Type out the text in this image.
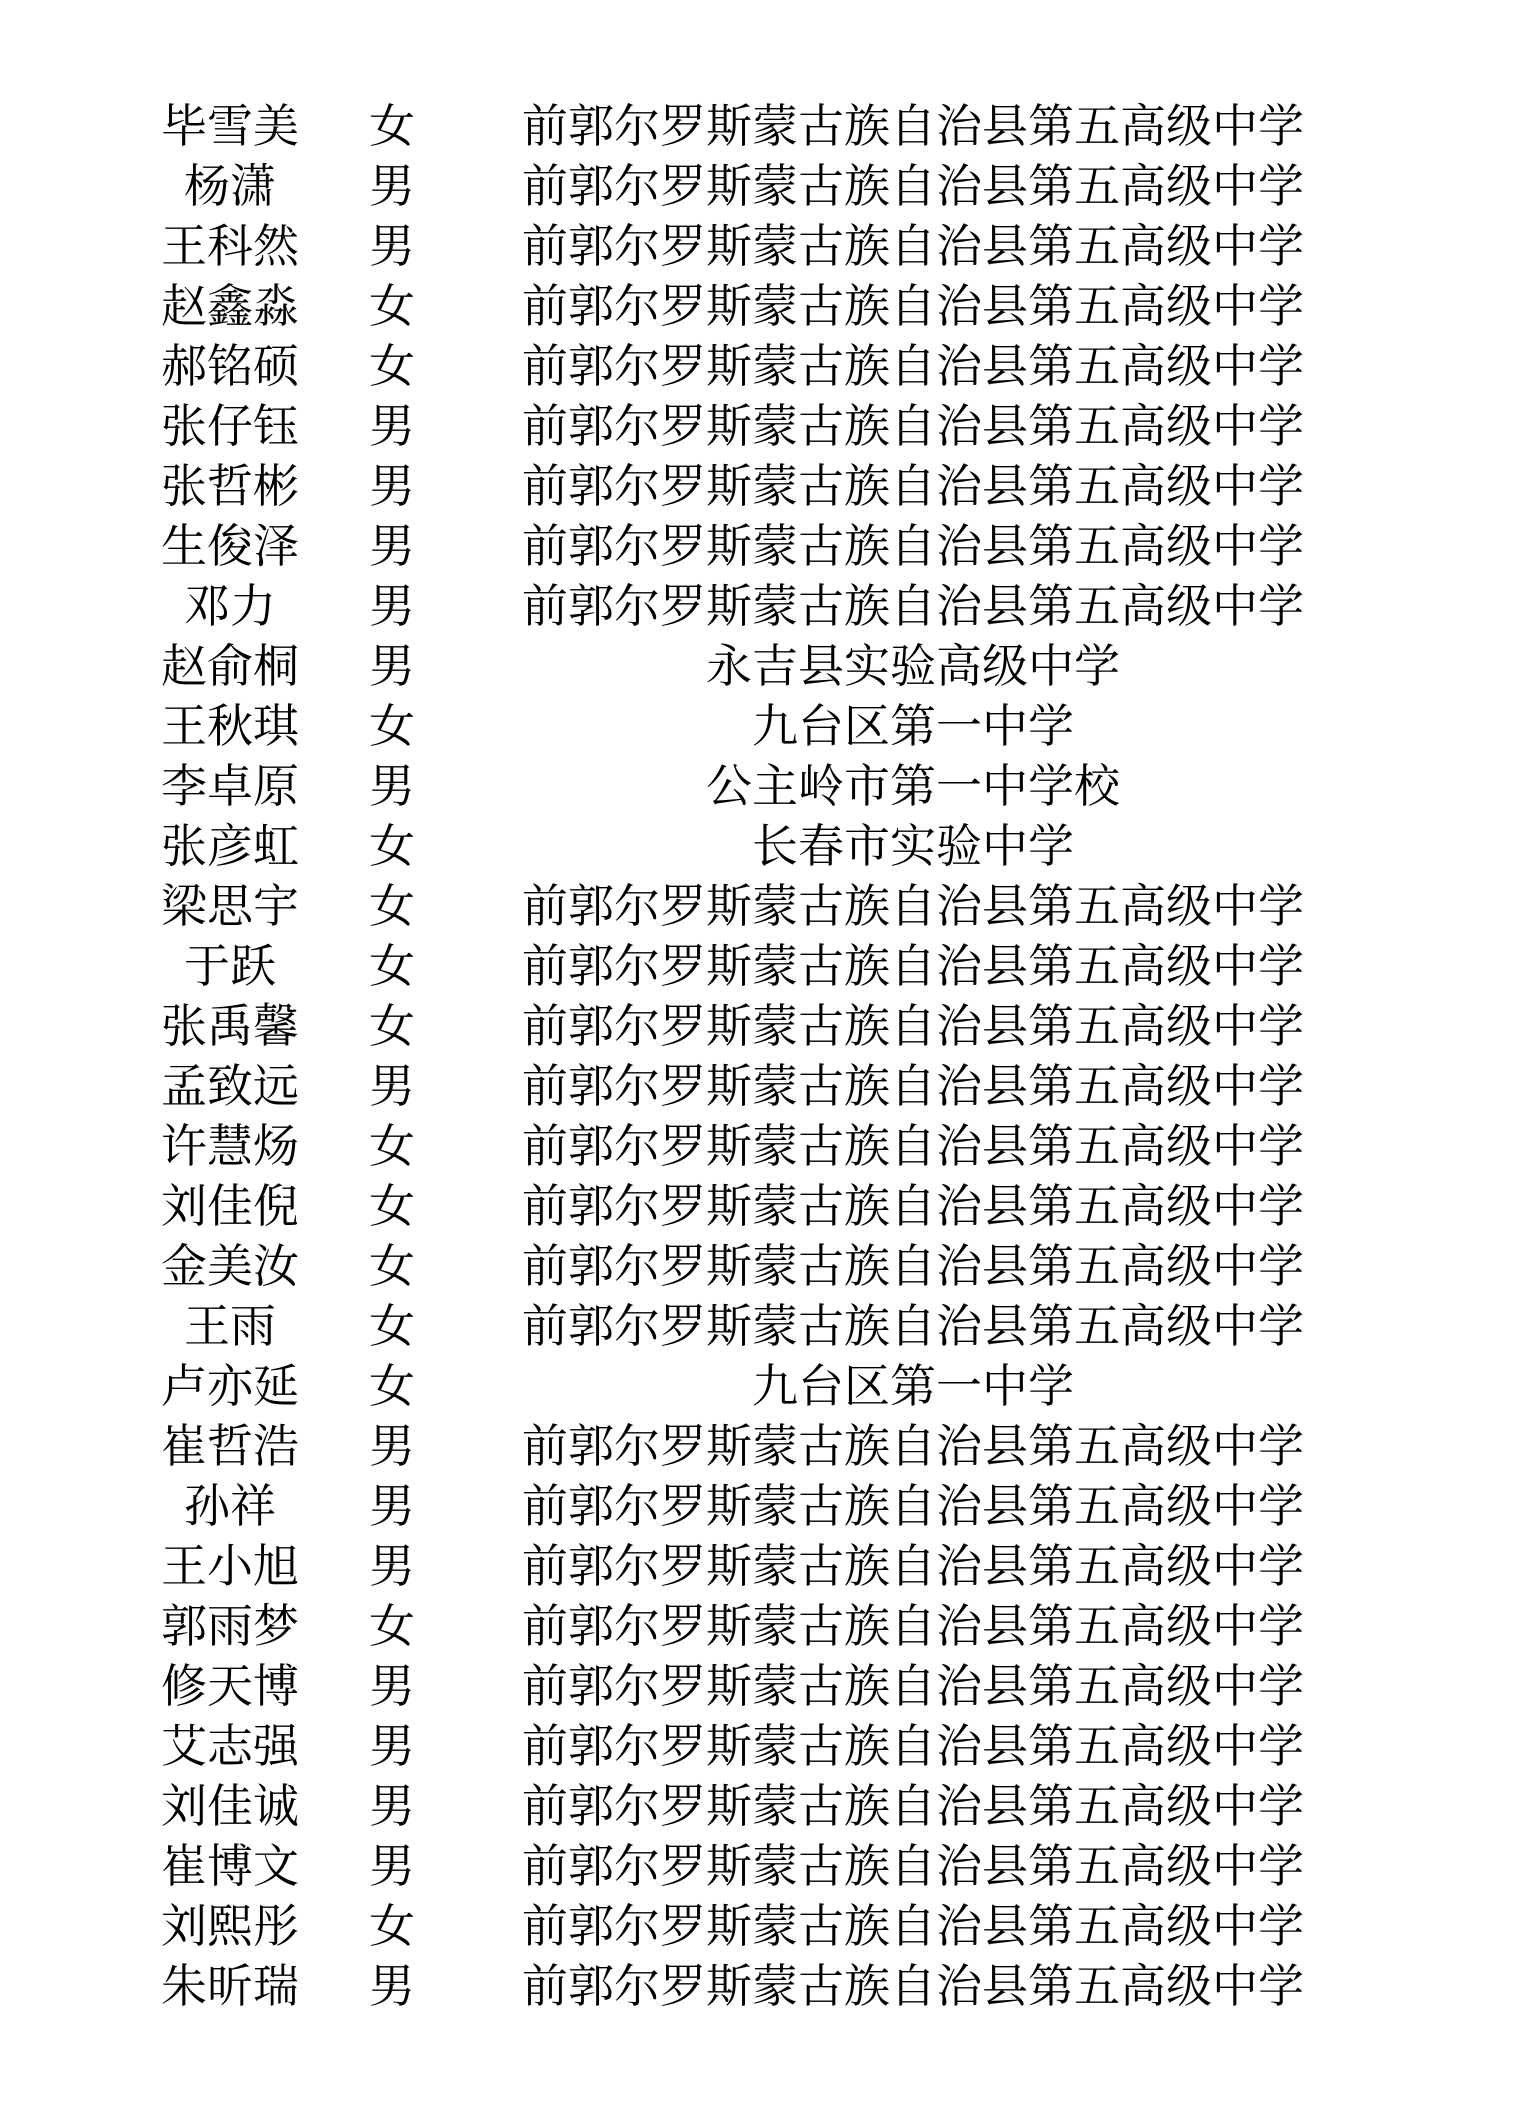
毕雪美 女	前郭尔罗斯蒙古族自治县第五高级中学
杨潇	男	前郭尔罗斯蒙古族自治县第五高级中学
王科然 男	前郭尔罗斯蒙古族自治县第五高级中学
赵鑫淼 女	前郭尔罗斯蒙古族自治县第五高级中学
郝铭硕 女	前郭尔罗斯蒙古族自治县第五高级中学
张仔钰 男	前郭尔罗斯蒙古族自治县第五高级中学
张哲彬 男	前郭尔罗斯蒙古族自治县第五高级中学
生俊泽 男	前郭尔罗斯蒙古族自治县第五高级中学
邓力	男	前郭尔罗斯蒙古族自治县第五高级中学
赵俞桐 男	永吉县实验高级中学
王秋琪 女	九台区第一中学
李卓原 男	公主岭市第一中学校
张彦虹 女	长春市实验中学
梁思宇 女	前郭尔罗斯蒙古族自治县第五高级中学
于跃	女	前郭尔罗斯蒙古族自治县第五高级中学
张禹馨 女	前郭尔罗斯蒙古族自治县第五高级中学
孟致远 男	前郭尔罗斯蒙古族自治县第五高级中学
许慧炀 女	前郭尔罗斯蒙古族自治县第五高级中学
刘佳倪 女	前郭尔罗斯蒙古族自治县第五高级中学
金美汝 女	前郭尔罗斯蒙古族自治县第五高级中学
王雨	女	前郭尔罗斯蒙古族自治县第五高级中学
卢亦延 女	九台区第一中学
崔哲浩 男	前郭尔罗斯蒙古族自治县第五高级中学
孙祥	男	前郭尔罗斯蒙古族自治县第五高级中学
王小旭 男	前郭尔罗斯蒙古族自治县第五高级中学
郭雨梦 女	前郭尔罗斯蒙古族自治县第五高级中学
修天博 男	前郭尔罗斯蒙古族自治县第五高级中学
艾志强 男	前郭尔罗斯蒙古族自治县第五高级中学
刘佳诚 男	前郭尔罗斯蒙古族自治县第五高级中学
崔博文 男	前郭尔罗斯蒙古族自治县第五高级中学
刘熙彤 女	前郭尔罗斯蒙古族自治县第五高级中学
朱昕瑞 男	前郭尔罗斯蒙古族自治县第五高级中学
